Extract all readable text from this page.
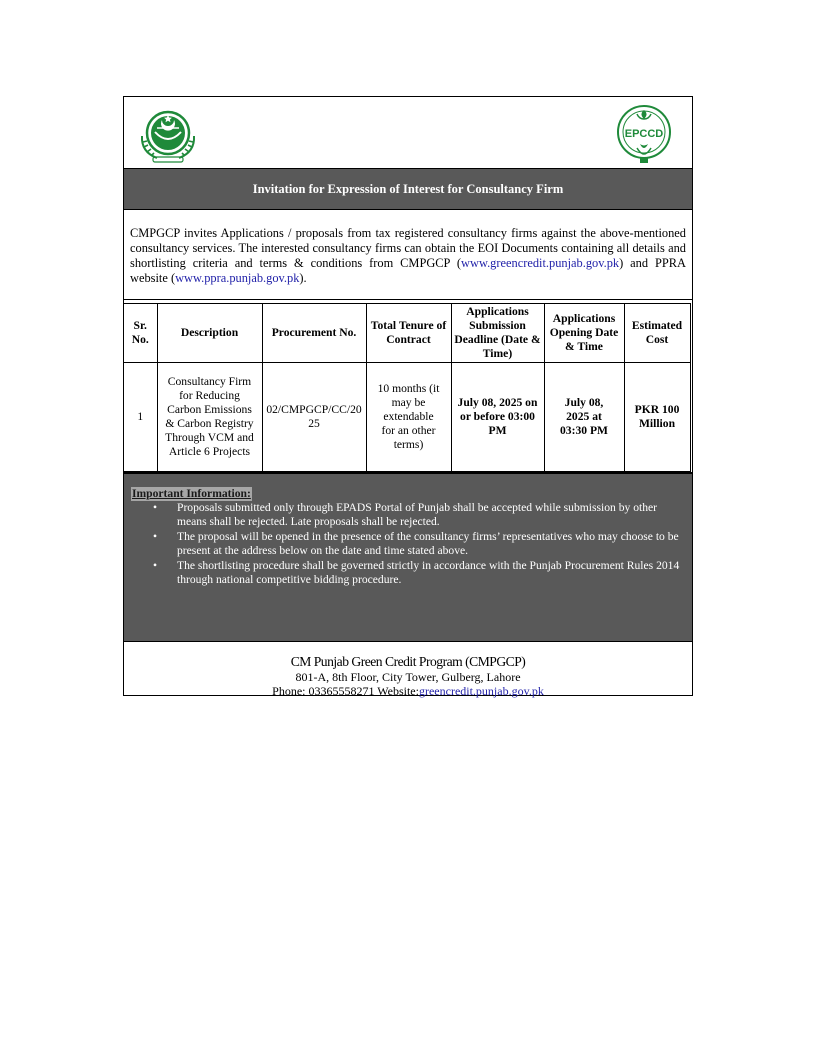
EPCCD
Invitation for Expression of Interest for Consultancy Firm
CMPGCP invites Applications / proposals from tax registered consultancy firms against the above-mentioned consultancy services. The interested consultancy firms can obtain the EOI Documents containing all details and shortlisting criteria and terms & conditions from CMPGCP (www.greencredit.punjab.gov.pk) and PPRA website (www.ppra.punjab.gov.pk).
Sr. No.	Description	Procurement No.	Total Tenure of Contract	Applications Submission Deadline (Date & Time)	Applications Opening Date & Time	Estimated Cost
1	Consultancy Firm for Reducing Carbon Emissions & Carbon Registry Through VCM and Article 6 Projects	02/CMPGCP/CC/2025	10 months (it may be extendable for an other terms)	July 08, 2025 on or before 03:00 PM	July 08, 2025 at 03:30 PM	PKR 100 Million
Important Information:
• Proposals submitted only through EPADS Portal of Punjab shall be accepted while submission by other means shall be rejected. Late proposals shall be rejected.
• The proposal will be opened in the presence of the consultancy firms’ representatives who may choose to be present at the address below on the date and time stated above.
• The shortlisting procedure shall be governed strictly in accordance with the Punjab Procurement Rules 2014 through national competitive bidding procedure.
CM Punjab Green Credit Program (CMPGCP)
801-A, 8th Floor, City Tower, Gulberg, Lahore
Phone: 03365558271 Website:greencredit.punjab.gov.pk
